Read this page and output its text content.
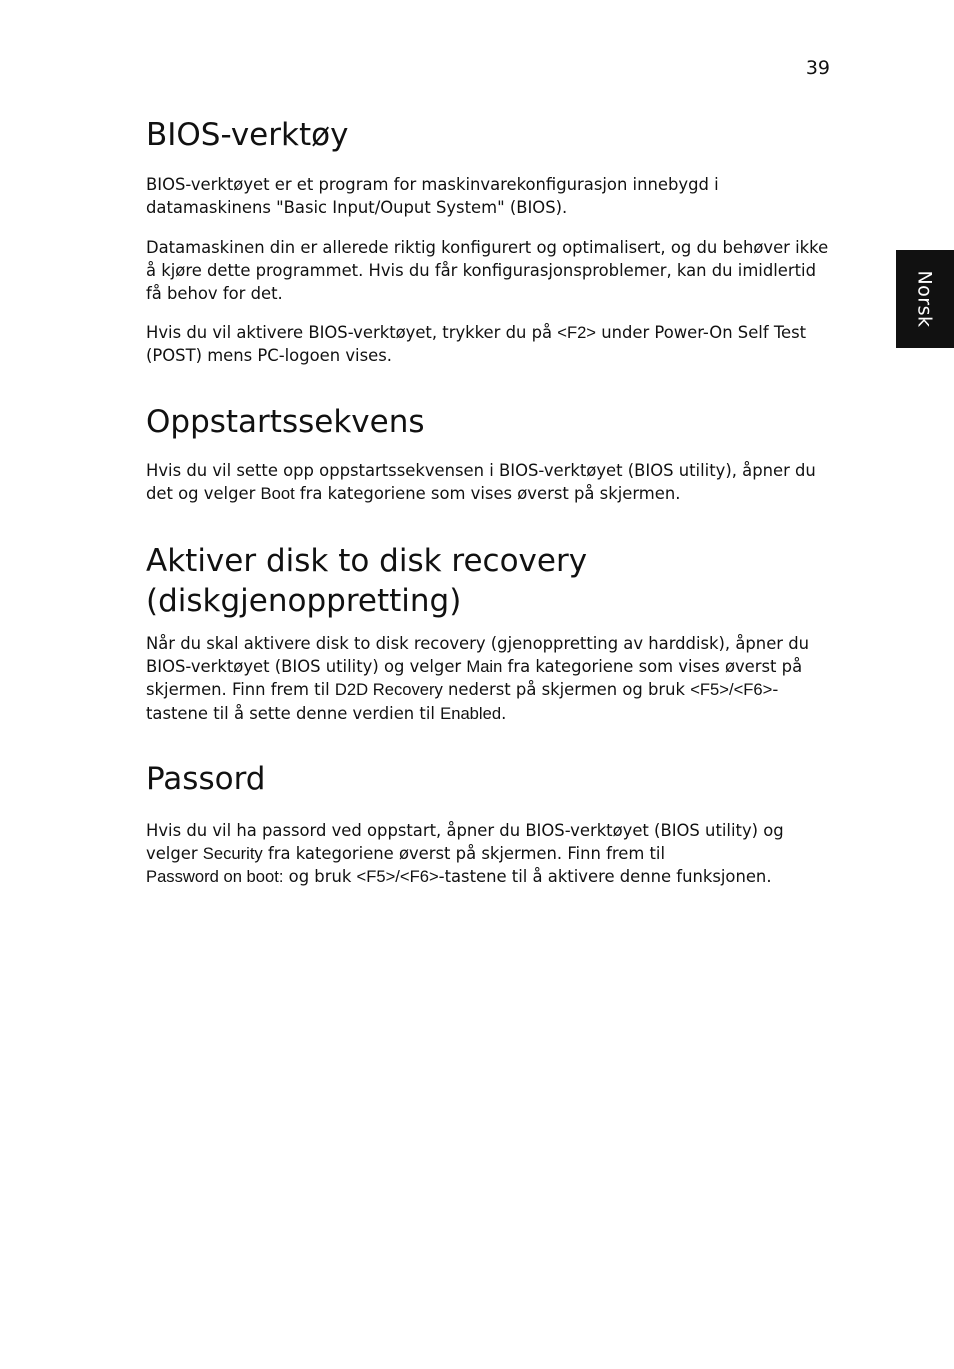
39
Norsk
BIOS-verktøy

BIOS-verktøyet er et program for maskinvarekonfigurasjon innebygd i datamaskinens "Basic Input/Ouput System" (BIOS).

Datamaskinen din er allerede riktig konfigurert og optimalisert, og du behøver ikke å kjøre dette programmet. Hvis du får konfigurasjonsproblemer, kan du imidlertid få behov for det.

Hvis du vil aktivere BIOS-verktøyet, trykker du på <F2> under Power-On Self Test (POST) mens PC-logoen vises.

Oppstartssekvens

Hvis du vil sette opp oppstartssekvensen i BIOS-verktøyet (BIOS utility), åpner du det og velger Boot fra kategoriene som vises øverst på skjermen.

Aktiver disk to disk recovery
(diskgjenoppretting)

Når du skal aktivere disk to disk recovery (gjenoppretting av harddisk), åpner du BIOS-verktøyet (BIOS utility) og velger Main fra kategoriene som vises øverst på skjermen. Finn frem til D2D Recovery nederst på skjermen og bruk <F5>/<F6>-tastene til å sette denne verdien til Enabled.

Passord

Hvis du vil ha passord ved oppstart, åpner du BIOS-verktøyet (BIOS utility) og velger Security fra kategoriene øverst på skjermen. Finn frem til
Password on boot: og bruk <F5>/<F6>-tastene til å aktivere denne funksjonen.
